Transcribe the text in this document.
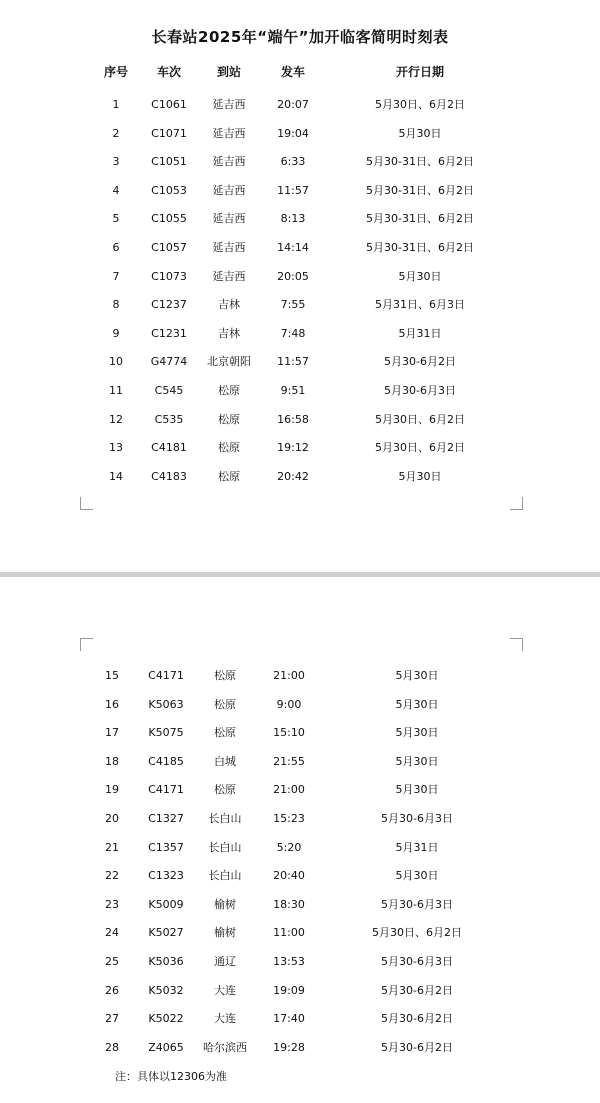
长春站2025年“端午”加开临客简明时刻表
序号 车次	到站	发车	开行日期
1	C1061 延吉西	20:07	5月30日、6月2日
2	C1071 延吉西	19:04	5月30日
3	C1051 延吉西	6:33	5月30-31日、6月2日
4	C1053 延吉西	11:57	5月30-31日、6月2日
5	C1055 延吉西	8:13	5月30-31日、6月2日
6	C1057 延吉西	14:14	5月30-31日、6月2日
7	C1073 延吉西	20:05	5月30日
8	C1237	吉林	7:55	5月31日、6月3日
9	C1231	吉林	7:48	5月31日
10	G4774 北京朝阳 11:57	5月30-6月2日
11	C545	松原	9:51	5月30-6月3日
12	C535	松原	16:58	5月30日、6月2日
13	C4181	松原	19:12	5月30日、6月2日
14	C4183	松原	20:42	5月30日
15	C4171	松原	21:00	5月30日
16	K5063	松原	9:00	5月30日
17	K5075	松原	15:10	5月30日
18	C4185	白城	21:55	5月30日
19	C4171	松原	21:00	5月30日
20	C1327 长白山	15:23	5月30-6月3日
21	C1357 长白山	5:20	5月31日
22	C1323 长白山	20:40	5月30日
23	K5009	榆树	18:30	5月30-6月3日
24	K5027	榆树	11:00	5月30日、6月2日
25	K5036	通辽	13:53	5月30-6月3日
26	K5032	大连	19:09	5月30-6月2日
27	K5022	大连	17:40	5月30-6月2日
28	Z4065 哈尔滨西 19:28	5月30-6月2日
注：具体以12306为准
